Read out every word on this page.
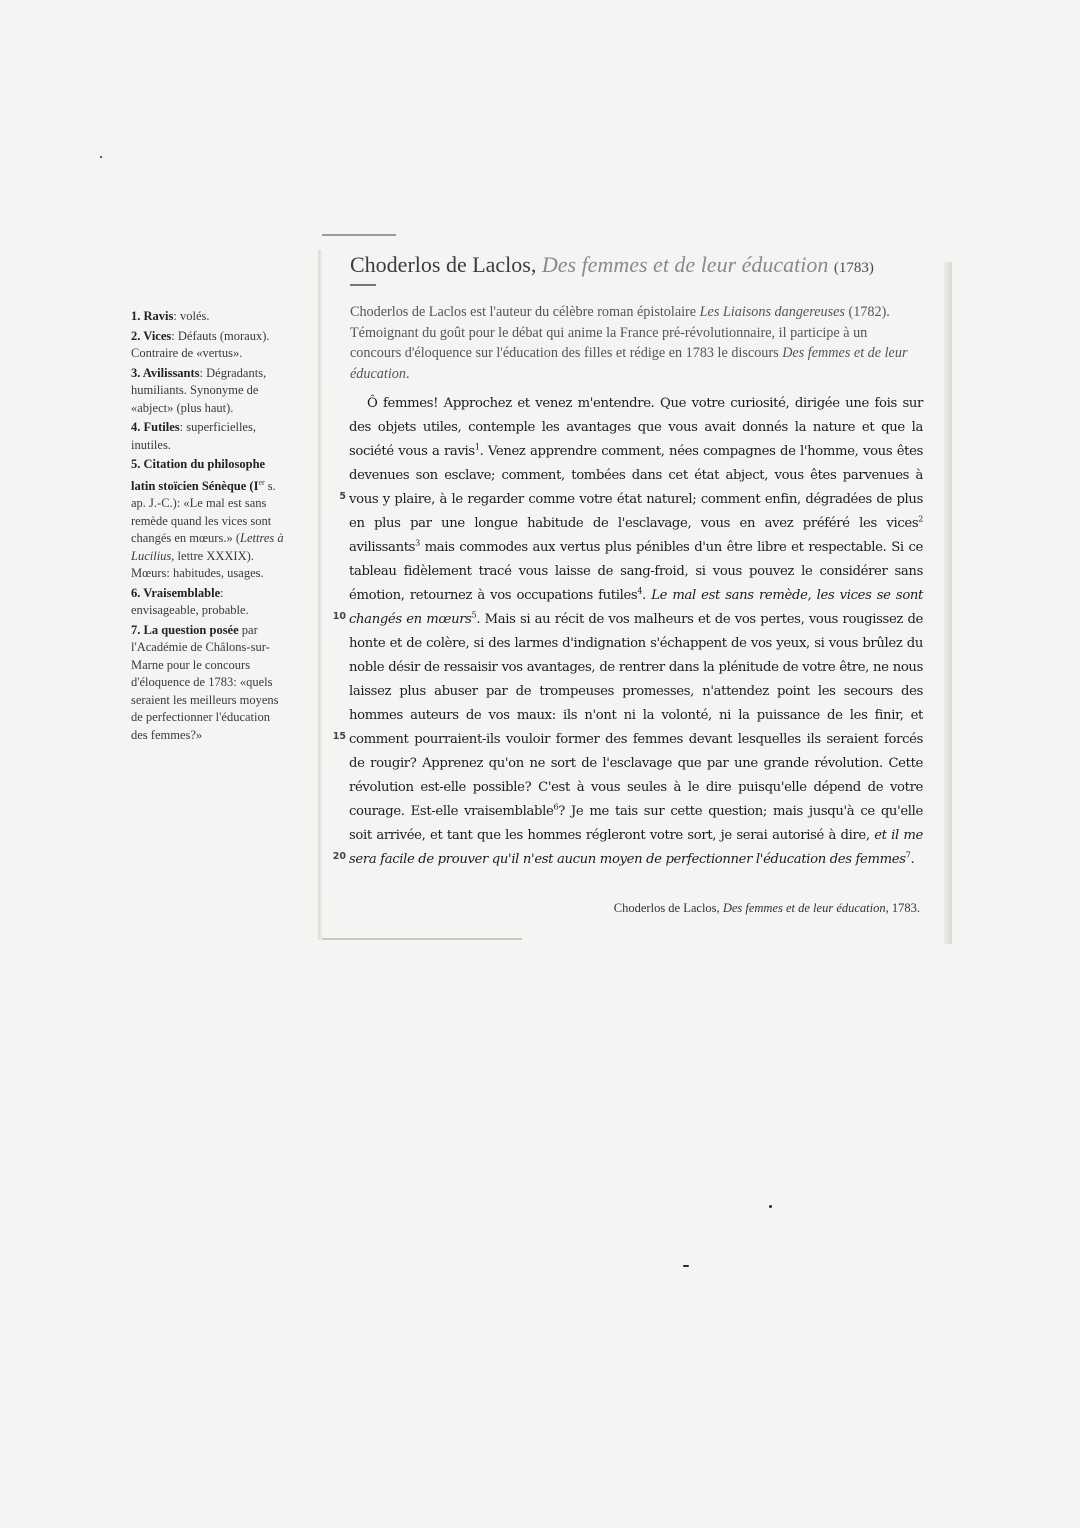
Choderlos de Laclos, Des femmes et de leur éducation (1783)
Choderlos de Laclos est l'auteur du célèbre roman épistolaire Les Liaisons dangereuses (1782). Témoignant du goût pour le débat qui anime la France pré-révolutionnaire, il participe à un concours d'éloquence sur l'éducation des filles et rédige en 1783 le discours Des femmes et de leur éducation.

Ô femmes! Approchez et venez m'entendre. Que votre curiosité, dirigée une fois sur des objets utiles, contemple les avantages que vous avait donnés la nature et que la société vous a ravis$^1$. Venez apprendre comment, nées compagnes de l'homme, vous êtes devenues son esclave; comment, tombées dans cet état abject, vous êtes parvenues à vous y plaire, à le regarder comme votre état naturel; comment enfin, dégradées de plus en plus par une longue habitude de l'esclavage, vous en avez préféré les vices$^2$ avilissants$^3$ mais commodes aux vertus plus pénibles d'un être libre et respectable. Si ce tableau fidèlement tracé vous laisse de sang-froid, si vous pouvez le considérer sans émotion, retournez à vos occupations futiles$^4$. Le mal est sans remède, les vices se sont changés en mœurs$^5$. Mais si au récit de vos malheurs et de vos pertes, vous rougissez de honte et de colère, si des larmes d'indignation s'échappent de vos yeux, si vous brûlez du noble désir de ressaisir vos avantages, de rentrer dans la plénitude de votre être, ne nous laissez plus abuser par de trompeuses promesses, n'attendez point les secours des hommes auteurs de vos maux: ils n'ont ni la volonté, ni la puissance de les finir, et comment pourraient-ils vouloir former des femmes devant lesquelles ils seraient forcés de rougir? Apprenez qu'on ne sort de l'esclavage que par une grande révolution. Cette révolution est-elle possible? C'est à vous seules à le dire puisqu'elle dépend de votre courage. Est-elle vraisemblable$^6$? Je me tais sur cette question; mais jusqu'à ce qu'elle soit arrivée, et tant que les hommes régleront votre sort, je serai autorisé à dire, et il me sera facile de prouver qu'il n'est aucun moyen de perfectionner l'éducation des femmes$^7$.

5
10
15
20
Choderlos de Laclos, Des femmes et de leur éducation, 1783.
1. Ravis: volés.
2. Vices: Défauts (moraux). Contraire de «vertus».
3. Avilissants: Dégradants, humiliants. Synonyme de «abject» (plus haut).
4. Futiles: superficielles, inutiles.
5. Citation du philosophe latin stoïcien Sénèque (Ier s. ap. J.-C.): «Le mal est sans remède quand les vices sont changés en mœurs.» (Lettres à Lucilius, lettre XXXIX). Mœurs: habitudes, usages.
6. Vraisemblable: envisageable, probable.
7. La question posée par l'Académie de Châlons-sur-Marne pour le concours d'éloquence de 1783: «quels seraient les meilleurs moyens de perfectionner l'éducation des femmes?»
